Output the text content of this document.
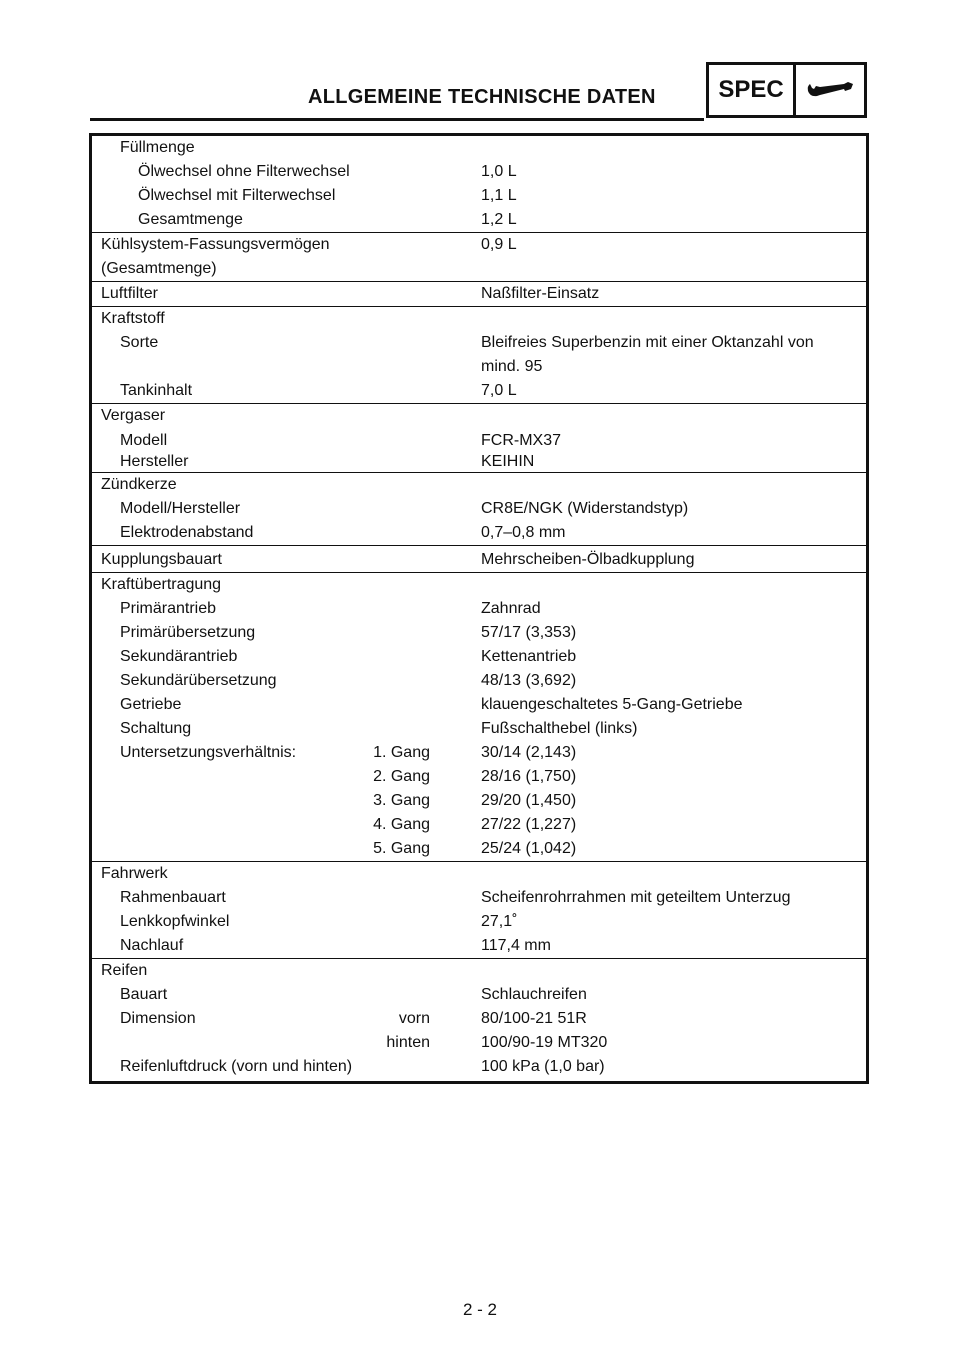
ALLGEMEINE TECHNISCHE DATEN	SPEC
Füllmenge
Ölwechsel ohne Filterwechsel	1,0 L
Ölwechsel mit Filterwechsel	1,1 L
Gesamtmenge	1,2 L

Kühlsystem-Fassungsvermögen	0,9 L
(Gesamtmenge)

Luftfilter	Naßfilter-Einsatz

Kraftstoff
Sorte	Bleifreies Superbenzin mit einer Oktanzahl von
mind. 95
Tankinhalt	7,0 L

Vergaser
Modell	FCR-MX37
Hersteller	KEIHIN

Zündkerze
Modell/Hersteller	CR8E/NGK (Widerstandstyp)
Elektrodenabstand	0,7–0,8 mm

Kupplungsbauart	Mehrscheiben-Ölbadkupplung

Kraftübertragung
Primärantrieb	Zahnrad
Primärübersetzung	57/17 (3,353)
Sekundärantrieb	Kettenantrieb
Sekundärübersetzung	48/13 (3,692)
Getriebe	klauengeschaltetes 5-Gang-Getriebe
Schaltung	Fußschalthebel (links)
Untersetzungsverhältnis:	1. Gang	30/14 (2,143)
2. Gang	28/16 (1,750)
3. Gang	29/20 (1,450)
4. Gang	27/22 (1,227)
5. Gang	25/24 (1,042)

Fahrwerk
Rahmenbauart	Scheifenrohrrahmen mit geteiltem Unterzug
Lenkkopfwinkel	27,1˚
Nachlauf	117,4 mm

Reifen
Bauart	Schlauchreifen
Dimension	vorn	80/100-21 51R
hinten	100/90-19 MT320
Reifenluftdruck (vorn und hinten)	100 kPa (1,0 bar)
2 - 2
